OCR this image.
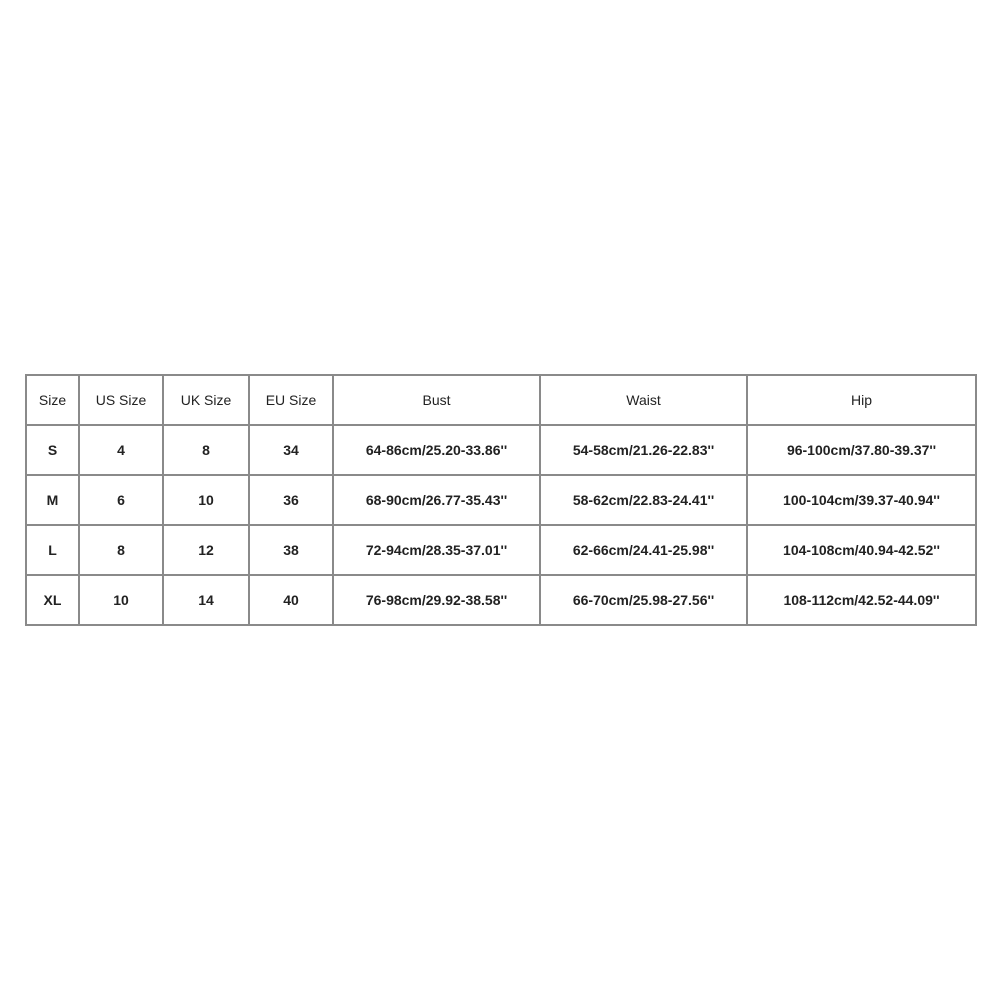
Size	US Size	UK Size	EU Size	Bust	Waist	Hip
S	4	8	34	64-86cm/25.20-33.86''	54-58cm/21.26-22.83''	96-100cm/37.80-39.37''
M	6	10	36	68-90cm/26.77-35.43''	58-62cm/22.83-24.41''	100-104cm/39.37-40.94''
L	8	12	38	72-94cm/28.35-37.01''	62-66cm/24.41-25.98''	104-108cm/40.94-42.52''
XL	10	14	40	76-98cm/29.92-38.58''	66-70cm/25.98-27.56''	108-112cm/42.52-44.09''
